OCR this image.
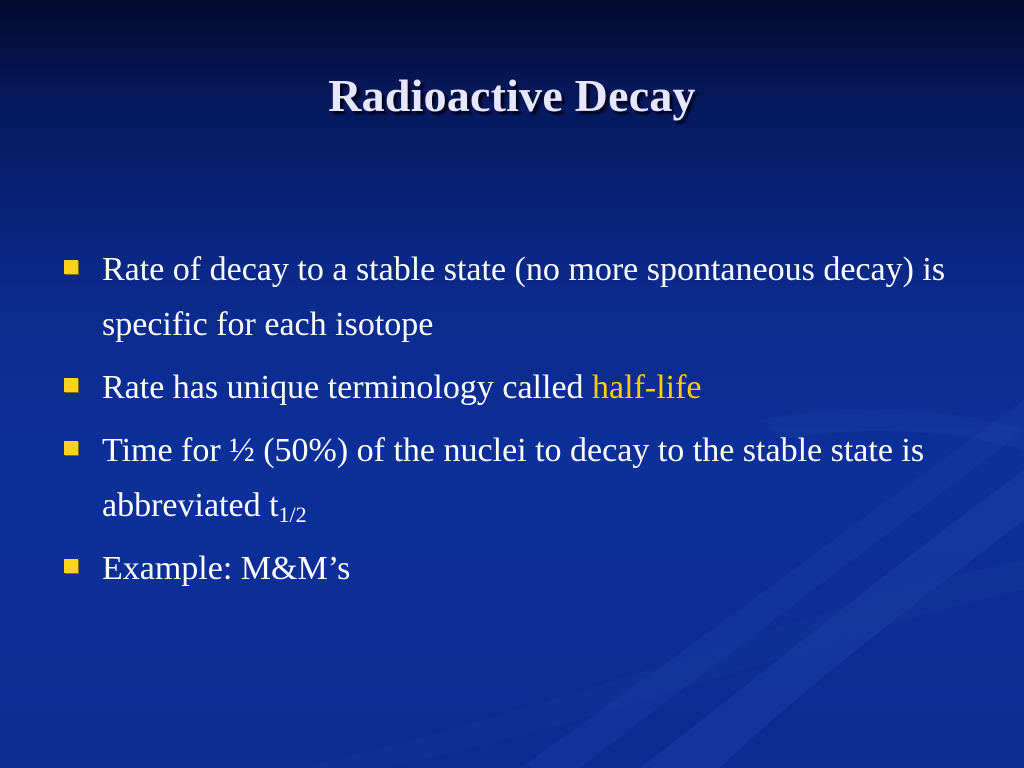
Radioactive Decay
Rate of decay to a stable state (no more spontaneous decay) is specific for each isotope
Rate has unique terminology called half-life
Time for ½ (50%) of the nuclei to decay to the stable state is abbreviated $t_{1/2}$
Example: M&M’s
